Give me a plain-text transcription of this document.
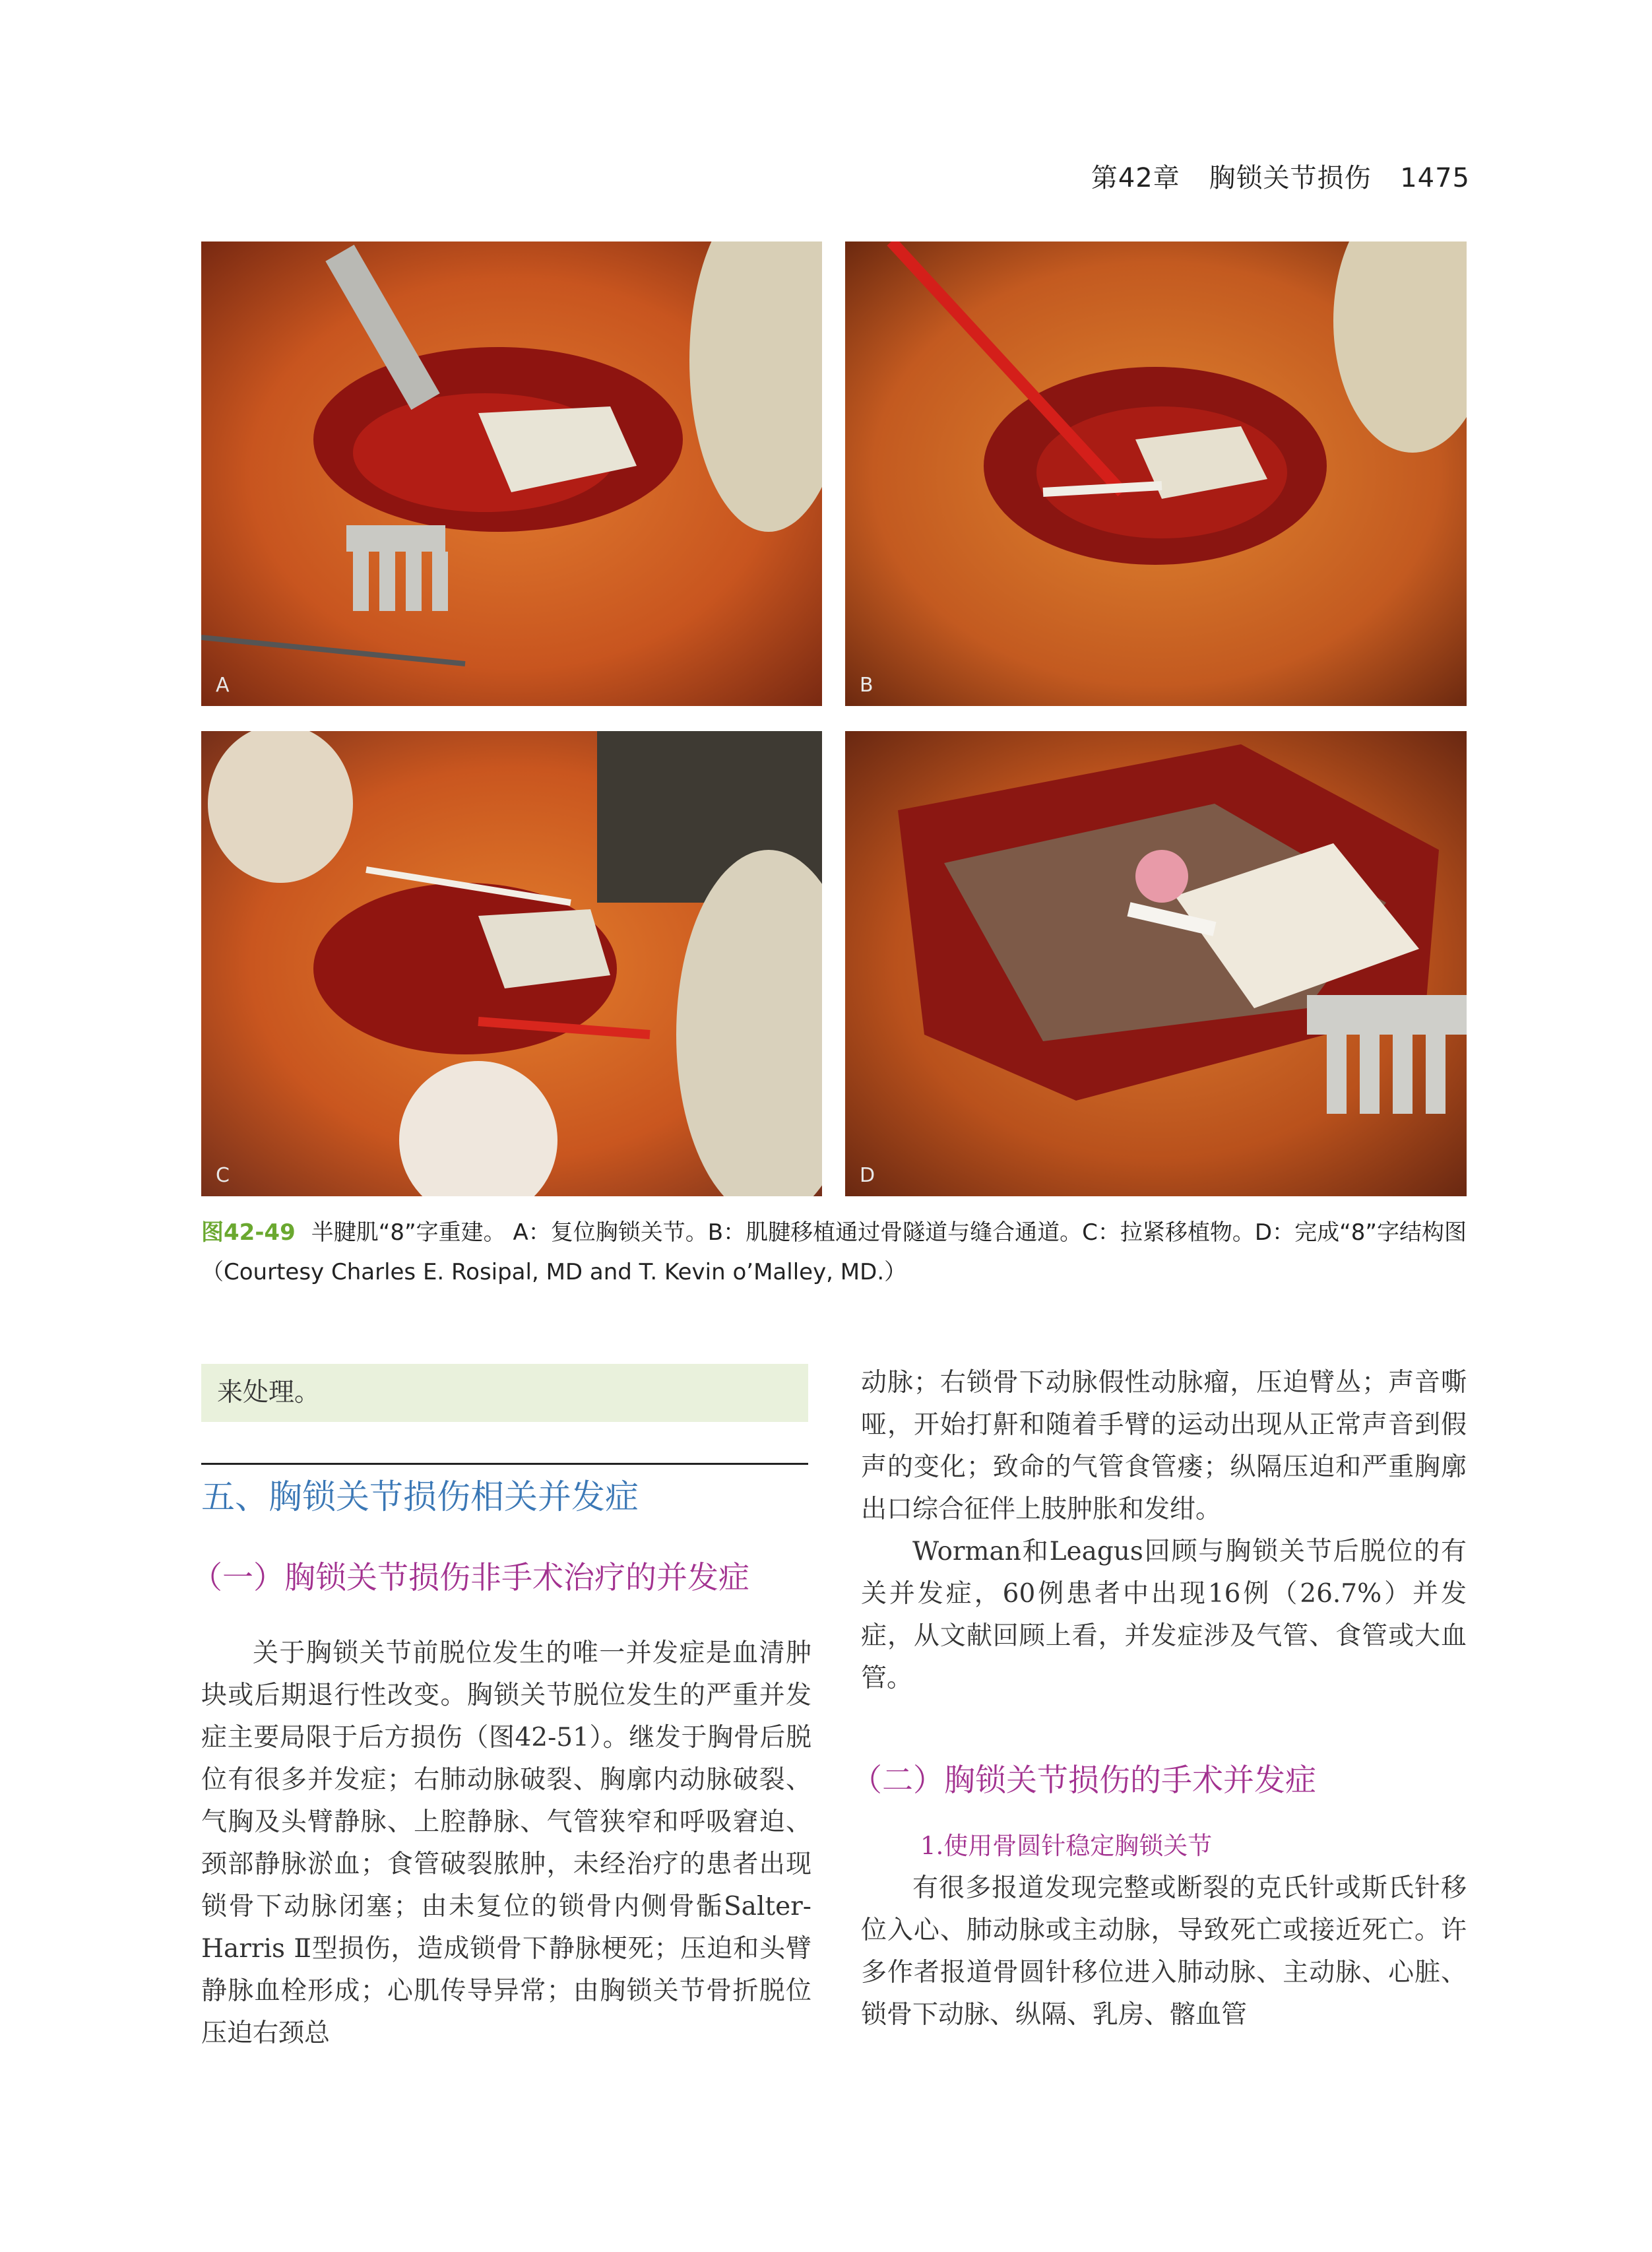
第42章 胸锁关节损伤 1475
A	B
C	D
图42-49 半腱肌“8”字重建。 A：复位胸锁关节。B：肌腱移植通过骨隧道与缝合通道。C：拉紧移植物。D：完成“8”字结构图（Courtesy Charles E. Rosipal, MD and T. Kevin o’Malley, MD.）

来处理。

五、胸锁关节损伤相关并发症
（一）胸锁关节损伤非手术治疗的并发症

关于胸锁关节前脱位发生的唯一并发症是血清肿块或后期退行性改变。胸锁关节脱位发生的严重并发症主要局限于后方损伤（图42-51）。继发于胸骨后脱位有很多并发症；右肺动脉破裂、胸廓内动脉破裂、气胸及头臂静脉、上腔静脉、气管狭窄和呼吸窘迫、颈部静脉淤血；食管破裂脓肿，未经治疗的患者出现锁骨下动脉闭塞；由未复位的锁骨内侧骨骺Salter-Harris Ⅱ型损伤，造成锁骨下静脉梗死；压迫和头臂静脉血栓形成；心肌传导异常；由胸锁关节骨折脱位压迫右颈总

动脉；右锁骨下动脉假性动脉瘤，压迫臂丛；声音嘶哑，开始打鼾和随着手臂的运动出现从正常声音到假声的变化；致命的气管食管瘘；纵隔压迫和严重胸廓出口综合征伴上肢肿胀和发绀。

Worman和Leagus回顾与胸锁关节后脱位的有关并发症，60例患者中出现16例（26.7%）并发症，从文献回顾上看，并发症涉及气管、食管或大血管。

（二）胸锁关节损伤的手术并发症
1.使用骨圆针稳定胸锁关节

有很多报道发现完整或断裂的克氏针或斯氏针移位入心、肺动脉或主动脉，导致死亡或接近死亡。许多作者报道骨圆针移位进入肺动脉、主动脉、心脏、锁骨下动脉、纵隔、乳房、髂血管
